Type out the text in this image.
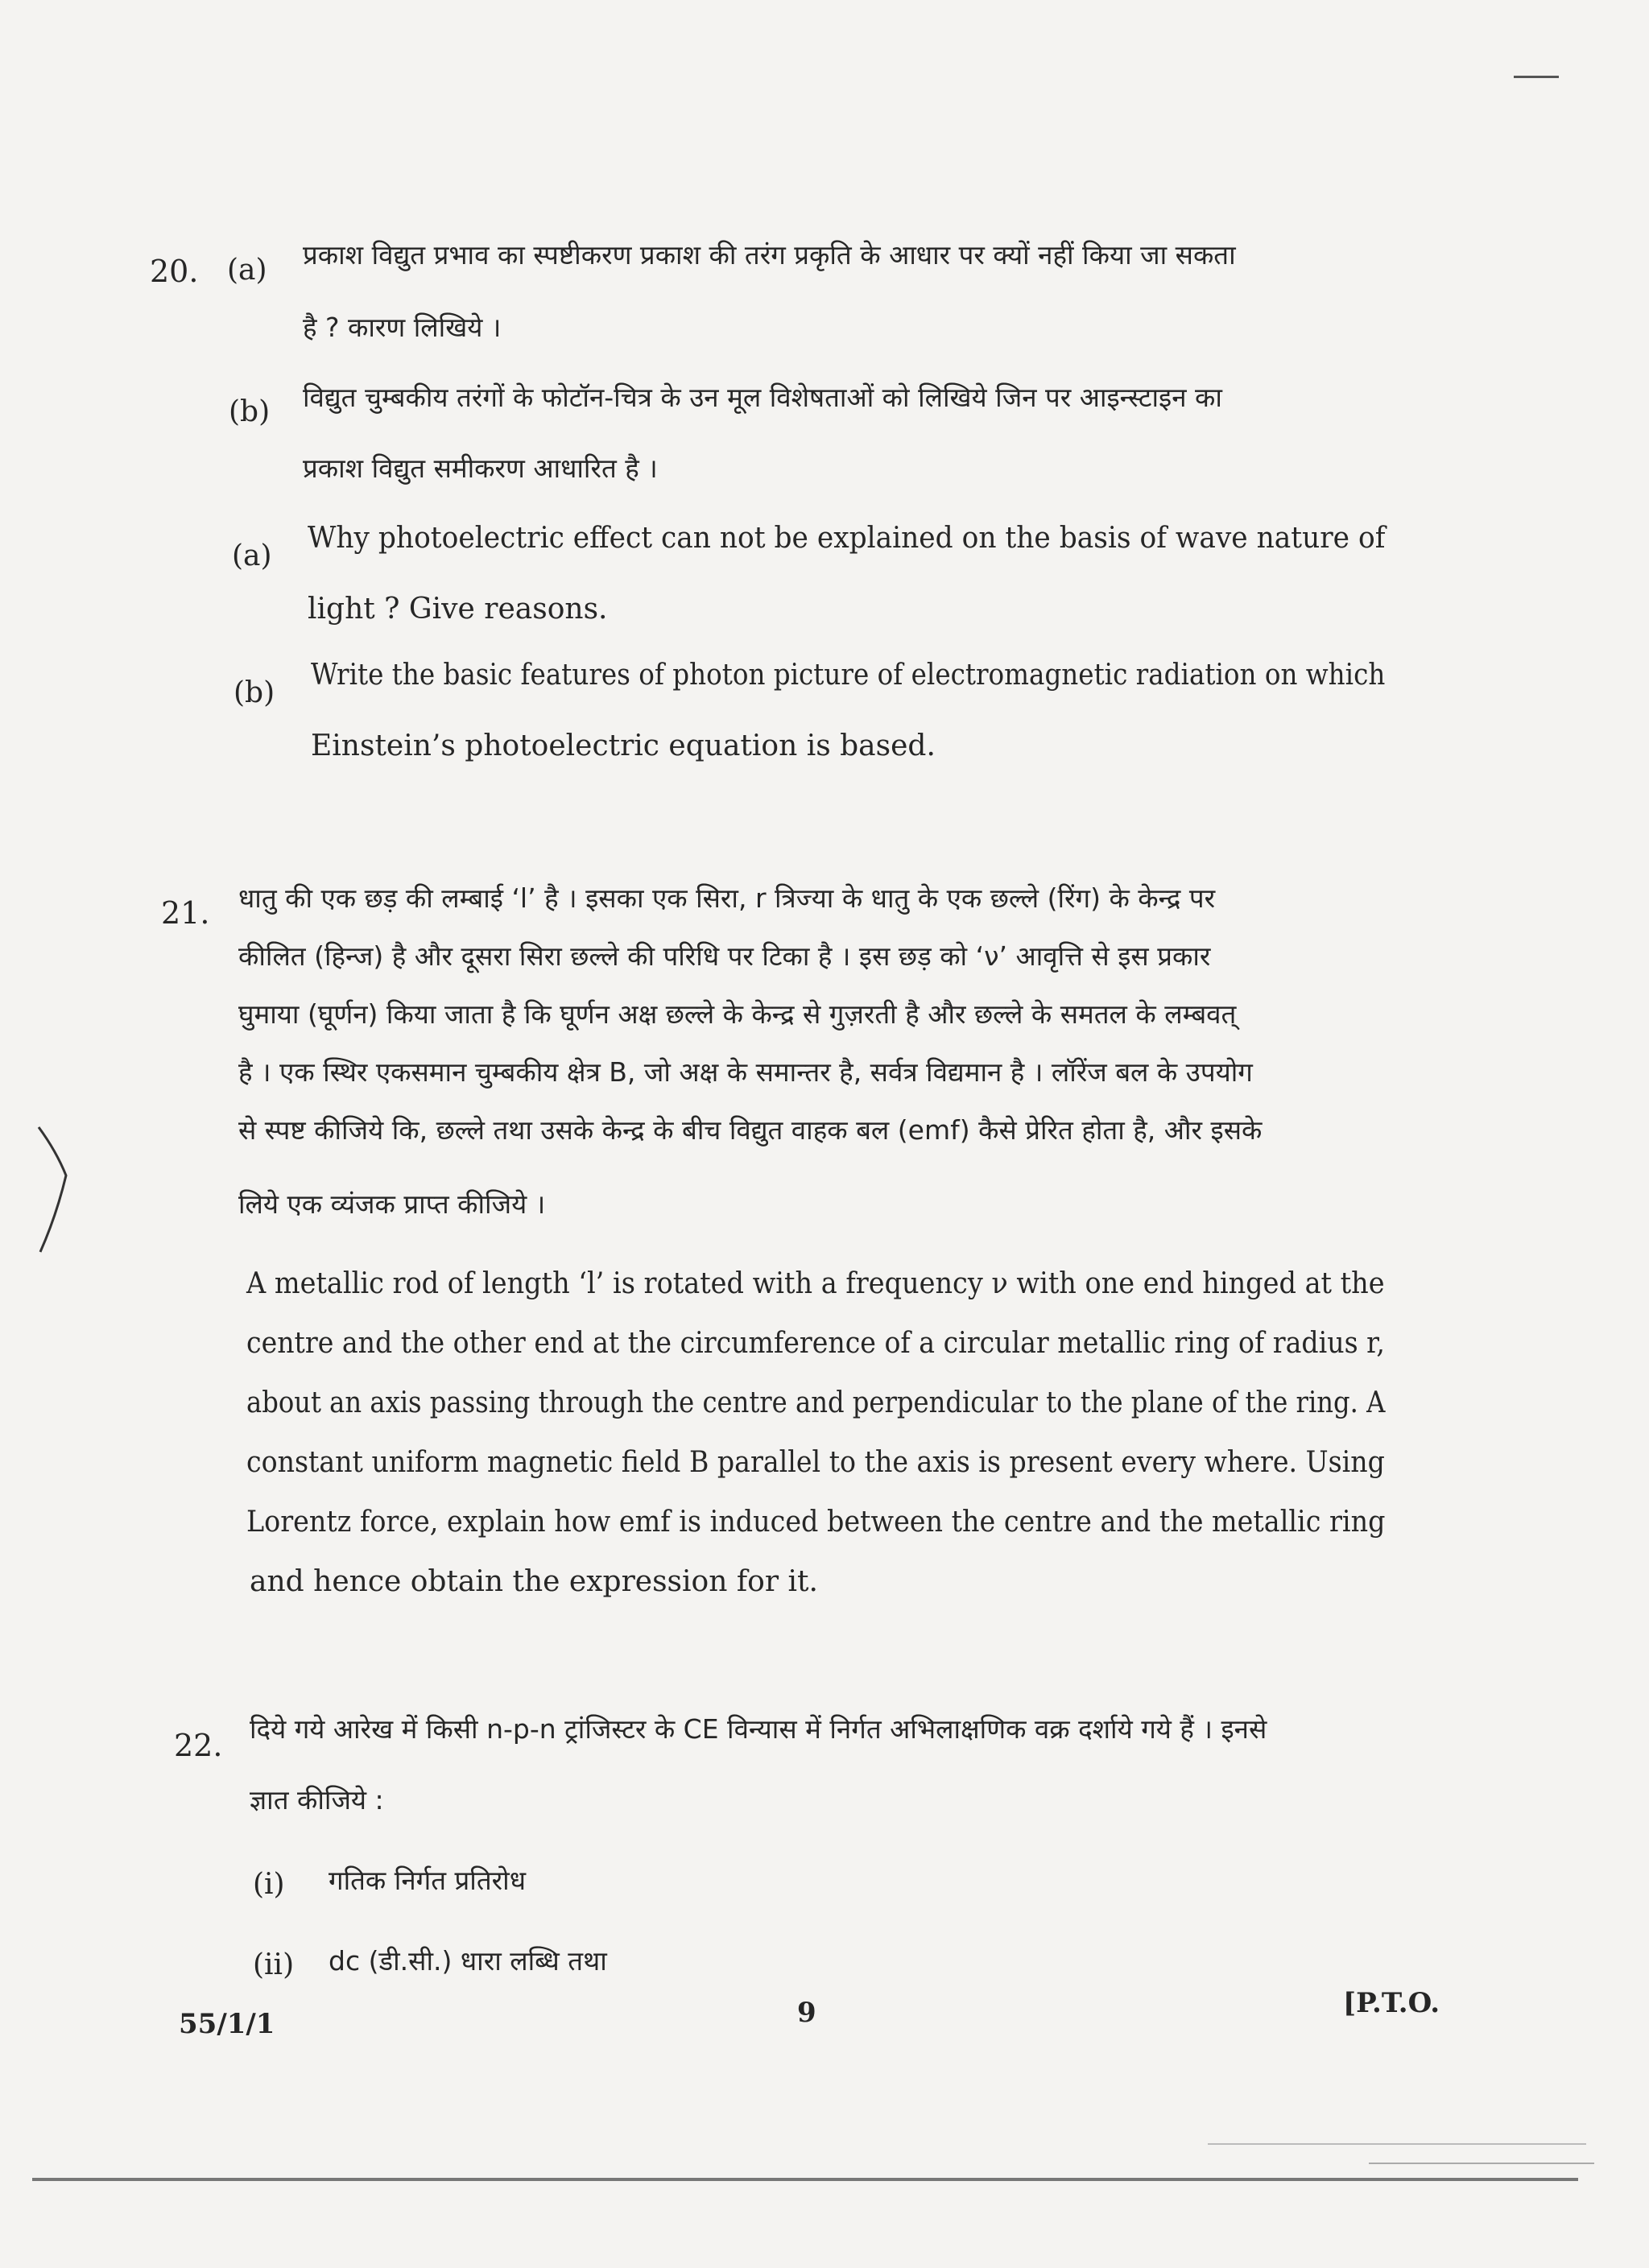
20. (a) प्रकाश विद्युत प्रभाव का स्पष्टीकरण प्रकाश की तरंग प्रकृति के आधार पर क्यों नहीं किया जा सकता
है ? कारण लिखिये ।
(b) विद्युत चुम्बकीय तरंगों के फोटॉन-चित्र के उन मूल विशेषताओं को लिखिये जिन पर आइन्स्टाइन का
प्रकाश विद्युत समीकरण आधारित है ।
(a)
Why photoelectric effect can not be explained on the basis of wave nature of
light ? Give reasons.
(b)
Write the basic features of photon picture of electromagnetic radiation on which
Einstein’s photoelectric equation is based.
21. धातु की एक छड़ की लम्बाई ‘l’ है । इसका एक सिरा, r त्रिज्या के धातु के एक छल्ले (रिंग) के केन्द्र पर
कीलित (हिन्ज) है और दूसरा सिरा छल्ले की परिधि पर टिका है । इस छड़ को ‘ν’ आवृत्ति से इस प्रकार
घुमाया (घूर्णन) किया जाता है कि घूर्णन अक्ष छल्ले के केन्द्र से गुज़रती है और छल्ले के समतल के लम्बवत्
है । एक स्थिर एकसमान चुम्बकीय क्षेत्र B, जो अक्ष के समान्तर है, सर्वत्र विद्यमान है । लॉरेंज बल के उपयोग
से स्पष्ट कीजिये कि, छल्ले तथा उसके केन्द्र के बीच विद्युत वाहक बल (emf) कैसे प्रेरित होता है, और इसके
लिये एक व्यंजक प्राप्त कीजिये ।
A metallic rod of length ‘l’ is rotated with a frequency ν with one end hinged at the
centre and the other end at the circumference of a circular metallic ring of radius r,
about an axis passing through the centre and perpendicular to the plane of the ring. A
constant uniform magnetic field B parallel to the axis is present every where. Using
Lorentz force, explain how emf is induced between the centre and the metallic ring
and hence obtain the expression for it.
22. दिये गये आरेख में किसी n-p-n ट्रांजिस्टर के CE विन्यास में निर्गत अभिलाक्षणिक वक्र दर्शाये गये हैं । इनसे
ज्ञात कीजिये :
(i) गतिक निर्गत प्रतिरोध
(ii) dc (डी.सी.) धारा लब्धि तथा
55/1/1	9	[P.T.O.
